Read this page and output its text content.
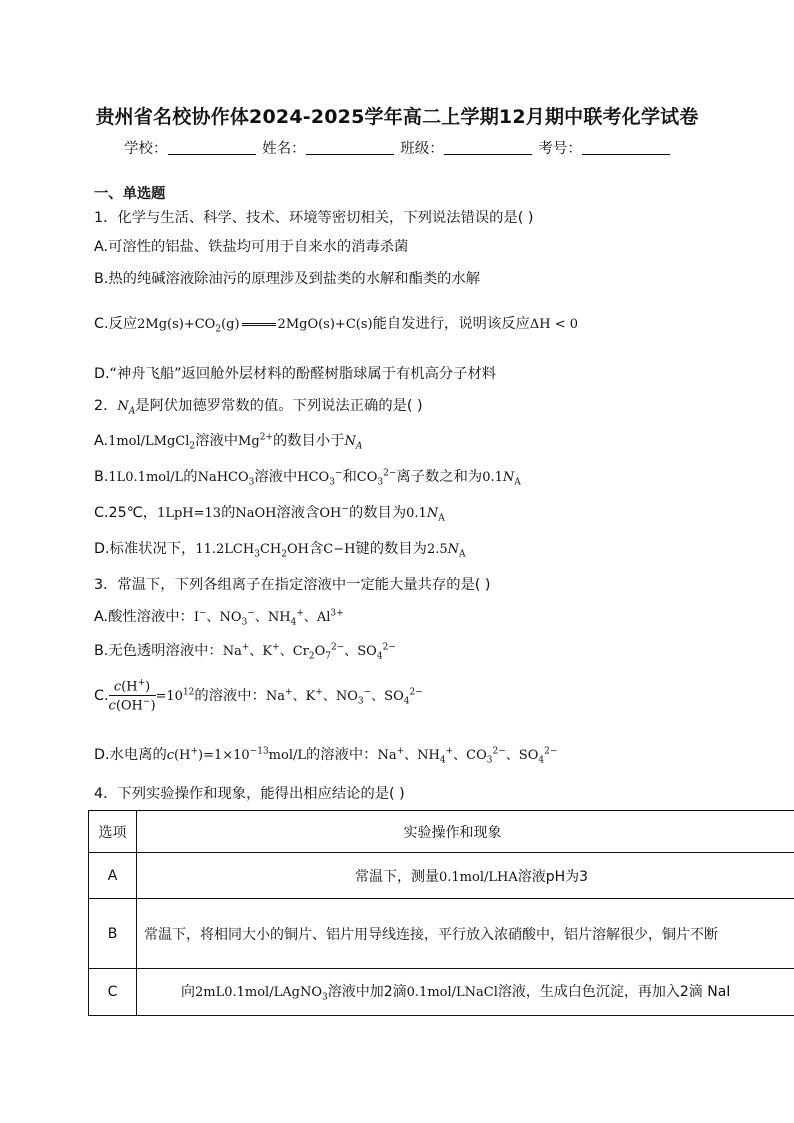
贵州省名校协作体2024-2025学年高二上学期12月期中联考化学试卷
学校：	姓名：	班级：	考号：
一、单选题
1．化学与生活、科学、技术、环境等密切相关，下列说法错误的是( )
A.可溶性的铝盐、铁盐均可用于自来水的消毒杀菌
B.热的纯碱溶液除油污的原理涉及到盐类的水解和酯类的水解
C.反应$2Mg(s)+CO_2(g)$	2MgO(s)+C(s)能自发进行，说明该反应ΔH < 0
D.“神舟飞船”返回舱外层材料的酚醛树脂球属于有机高分子材料
2．$N_A$是阿伏加德罗常数的值。下列说法正确的是( )
A.1mol/LMgCl$_2$溶液中$Mg^{2+}$的数目小于$N_A$
B.1L0.1mol/L的NaHCO$_3$溶液中$HCO_3^-$和$CO_3^{2-}$离子数之和为$0.1N_A$
C.25℃，1LpH=13的NaOH溶液含OH−的数目为$0.1N_A$
D.标准状况下，$11.2LCH_3CH_2OH$含C−H键的数目为$2.5N_A$
3．常温下，下列各组离子在指定溶液中一定能大量共存的是( )
A.酸性溶液中：I−、$NO_3^-$、$NH_4^+$、$Al^{3+}$
B.无色透明溶液中：Na+、K+、$Cr_2O_7^{2-}$、$SO_4^{2-}$
C. $\frac{c(H^+)}{c(OH^-)} =10^{12}$的溶液中：Na+、K+、$NO_3^-$、$SO_4^{2-}$
D.水电离的$c(H^+)=1\times 10^{-13}mol/L$的溶液中：Na+、$NH_4^+$、$CO_3^{2-}$、$SO_4^{2-}$
4．下列实验操作和现象，能得出相应结论的是( )
选项	实验操作和现象
A	常温下，测量0.1mol/LHA溶液pH为3
B	常温下，将相同大小的铜片、铝片用导线连接，平行放入浓硝酸中，铝片溶解很少，铜片不断
C	向2mL0.1mol/LAgNO$_3$溶液中加2滴0.1mol/LNaCl溶液，生成白色沉淀，再加入2滴 NaI
